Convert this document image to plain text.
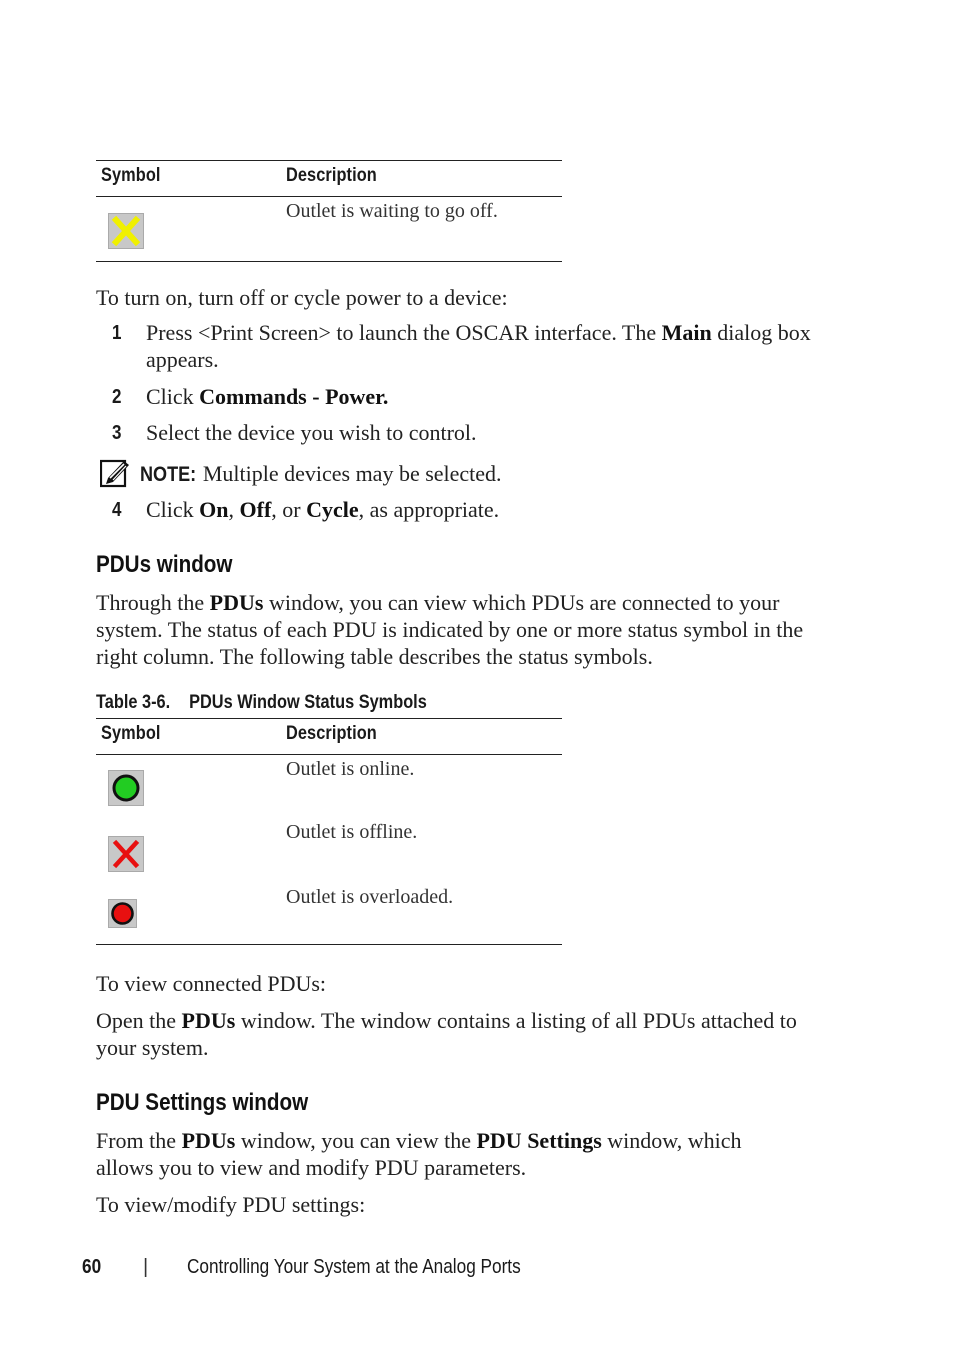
Symbol	Description
Outlet is waiting to go off.
To turn on, turn off or cycle power to a device:
1 Press <Print Screen> to launch the OSCAR interface. The Main dialog box appears.
2 Click Commands - Power.
3 Select the device you wish to control.
NOTE: Multiple devices may be selected.
4 Click On, Off, or Cycle, as appropriate.
PDUs window
Through the PDUs window, you can view which PDUs are connected to your system. The status of each PDU is indicated by one or more status symbol in the right column. The following table describes the status symbols.
Table 3-6. PDUs Window Status Symbols
Symbol	Description
Outlet is online.
Outlet is offline.
Outlet is overloaded.
To view connected PDUs:
Open the PDUs window. The window contains a listing of all PDUs attached to your system.
PDU Settings window
From the PDUs window, you can view the PDU Settings window, which allows you to view and modify PDU parameters.
To view/modify PDU settings:
60 | Controlling Your System at the Analog Ports
